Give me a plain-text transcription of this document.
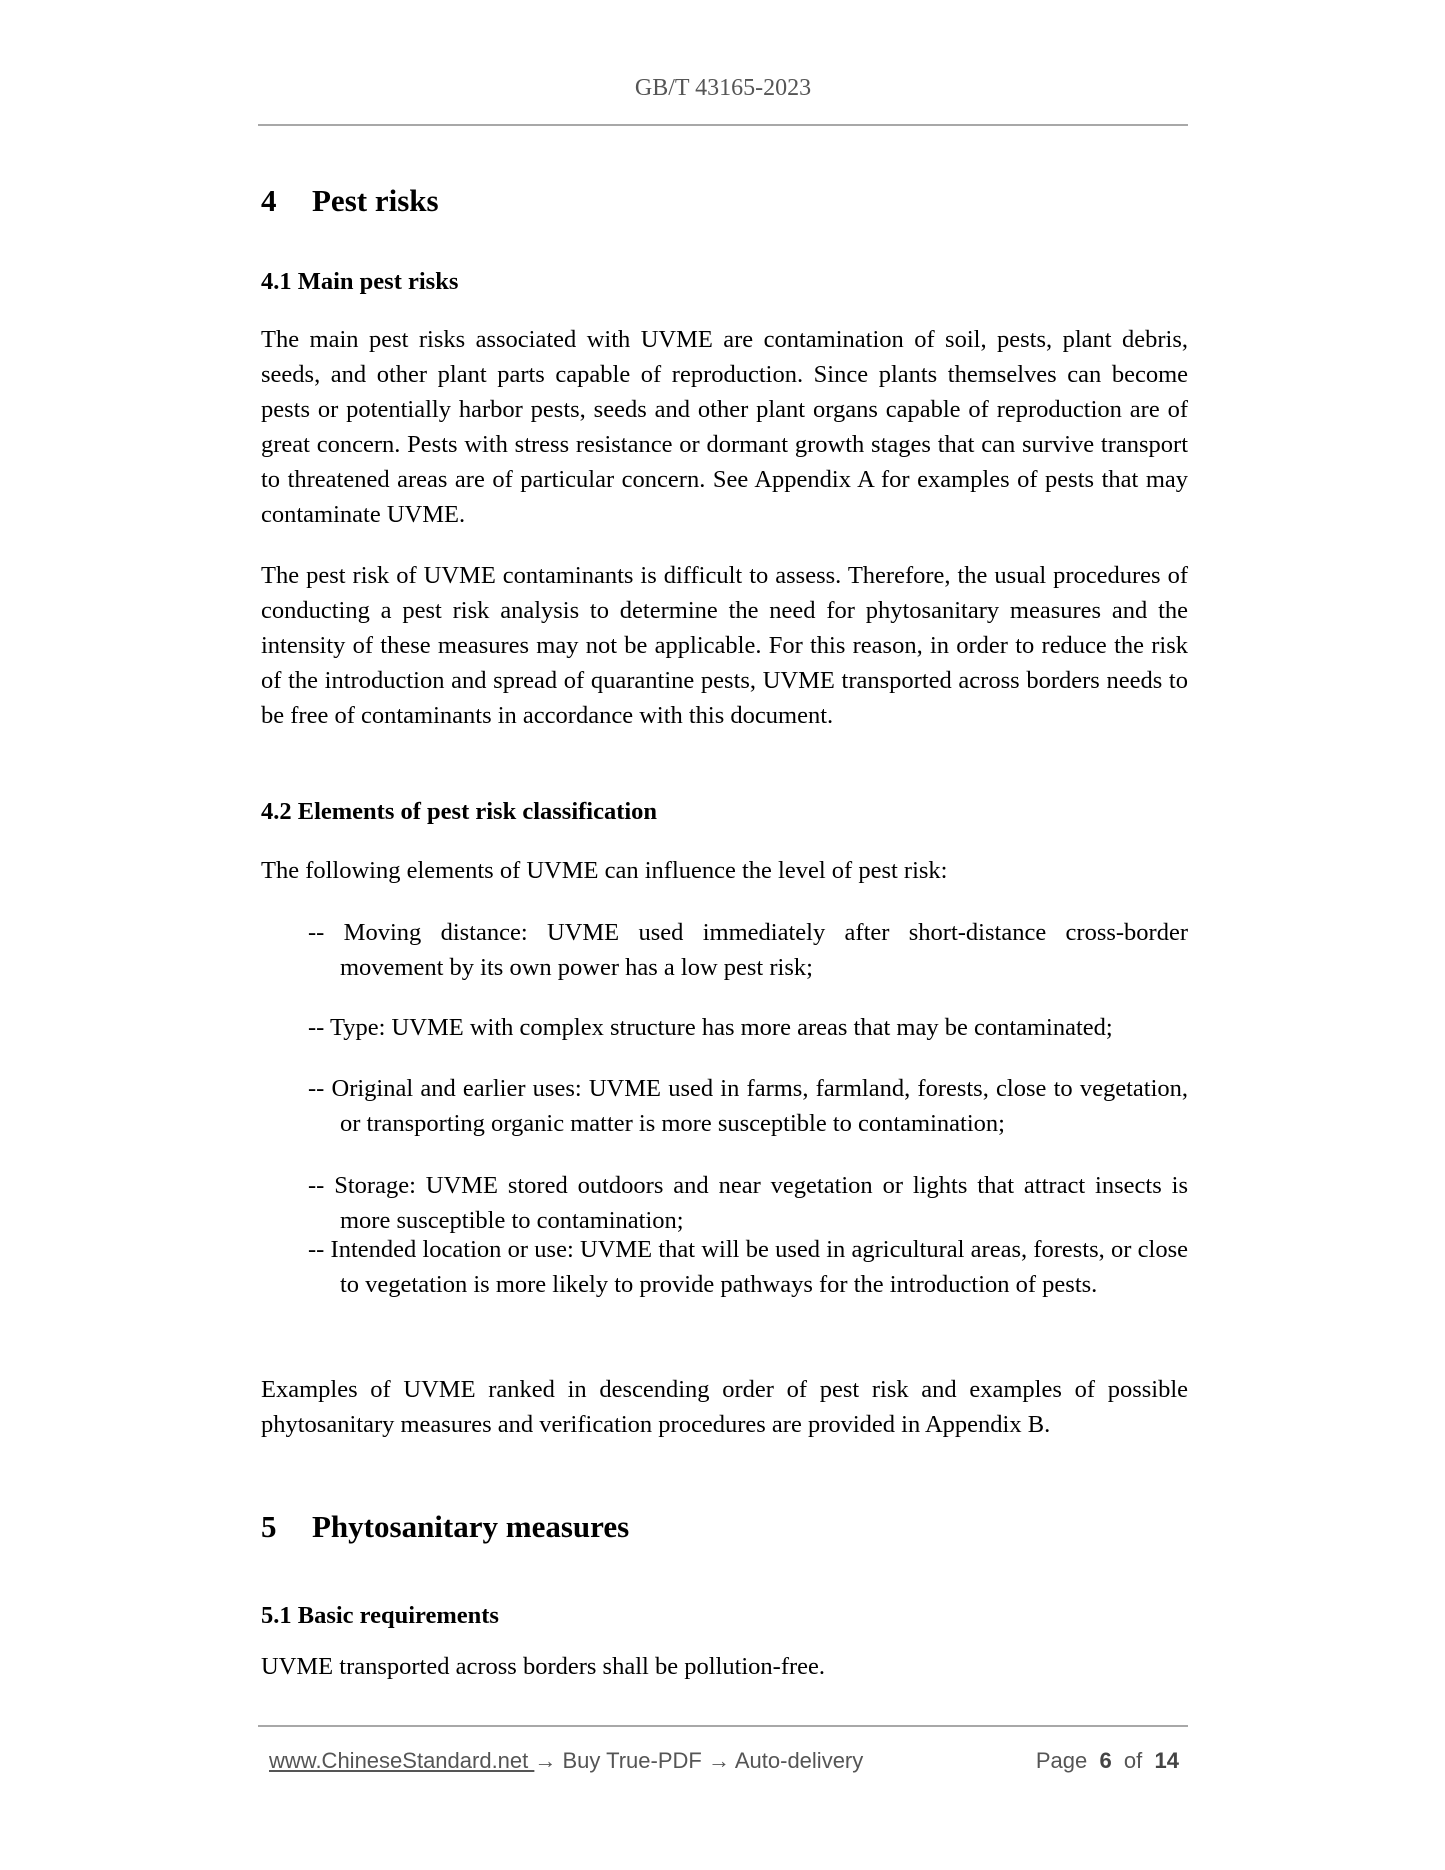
GB/T 43165-2023
4 Pest risks
4.1 Main pest risks
The main pest risks associated with UVME are contamination of soil, pests, plant debris, seeds, and other plant parts capable of reproduction. Since plants themselves can become pests or potentially harbor pests, seeds and other plant organs capable of reproduction are of great concern. Pests with stress resistance or dormant growth stages that can survive transport to threatened areas are of particular concern. See Appendix A for examples of pests that may contaminate UVME.
The pest risk of UVME contaminants is difficult to assess. Therefore, the usual procedures of conducting a pest risk analysis to determine the need for phytosanitary measures and the intensity of these measures may not be applicable. For this reason, in order to reduce the risk of the introduction and spread of quarantine pests, UVME transported across borders needs to be free of contaminants in accordance with this document.
4.2 Elements of pest risk classification
The following elements of UVME can influence the level of pest risk:
-- Moving distance: UVME used immediately after short-distance cross-border movement by its own power has a low pest risk;
-- Type: UVME with complex structure has more areas that may be contaminated;
-- Original and earlier uses: UVME used in farms, farmland, forests, close to vegetation, or transporting organic matter is more susceptible to contamination;
-- Storage: UVME stored outdoors and near vegetation or lights that attract insects is more susceptible to contamination;
-- Intended location or use: UVME that will be used in agricultural areas, forests, or close to vegetation is more likely to provide pathways for the introduction of pests.
Examples of UVME ranked in descending order of pest risk and examples of possible phytosanitary measures and verification procedures are provided in Appendix B.
5 Phytosanitary measures
5.1 Basic requirements
UVME transported across borders shall be pollution-free.
www.ChineseStandard.net → Buy True-PDF → Auto-delivery	Page 6 of 14
